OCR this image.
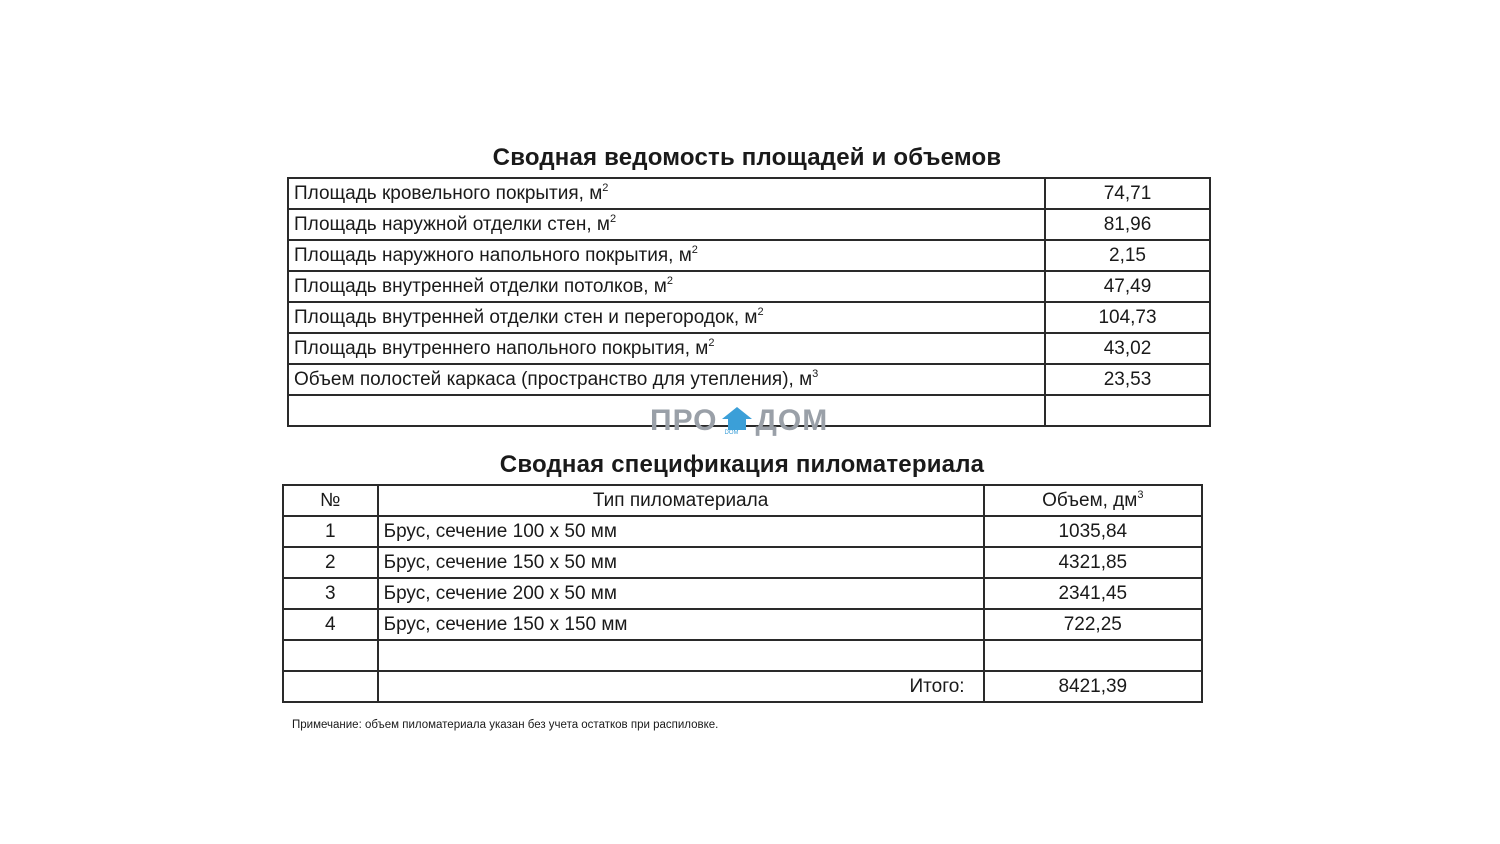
Сводная ведомость площадей и объемов
Площадь кровельного покрытия, $м^2$	74,71
Площадь наружной отделки стен, $м^2$	81,96
Площадь наружного напольного покрытия, $м^2$	2,15
Площадь внутренней отделки потолков, $м^2$	47,49
Площадь внутренней отделки стен и перегородок, $м^2$	104,73
Площадь внутреннего напольного покрытия, $м^2$	43,02
Объем полостей каркаса (пространство для утепления), $м^3$	23,53

ПРО DOM ДОМ
Сводная спецификация пиломатериала
№	Тип пиломатериала	Объем, $дм^3$
1	Брус, сечение 100 х 50 мм	1035,84
2	Брус, сечение 150 х 50 мм	4321,85
3	Брус, сечение 200 х 50 мм	2341,45
4	Брус, сечение 150 х 150 мм	722,25

	Итого:	8421,39
Примечание: объем пиломатериала указан без учета остатков при распиловке.
